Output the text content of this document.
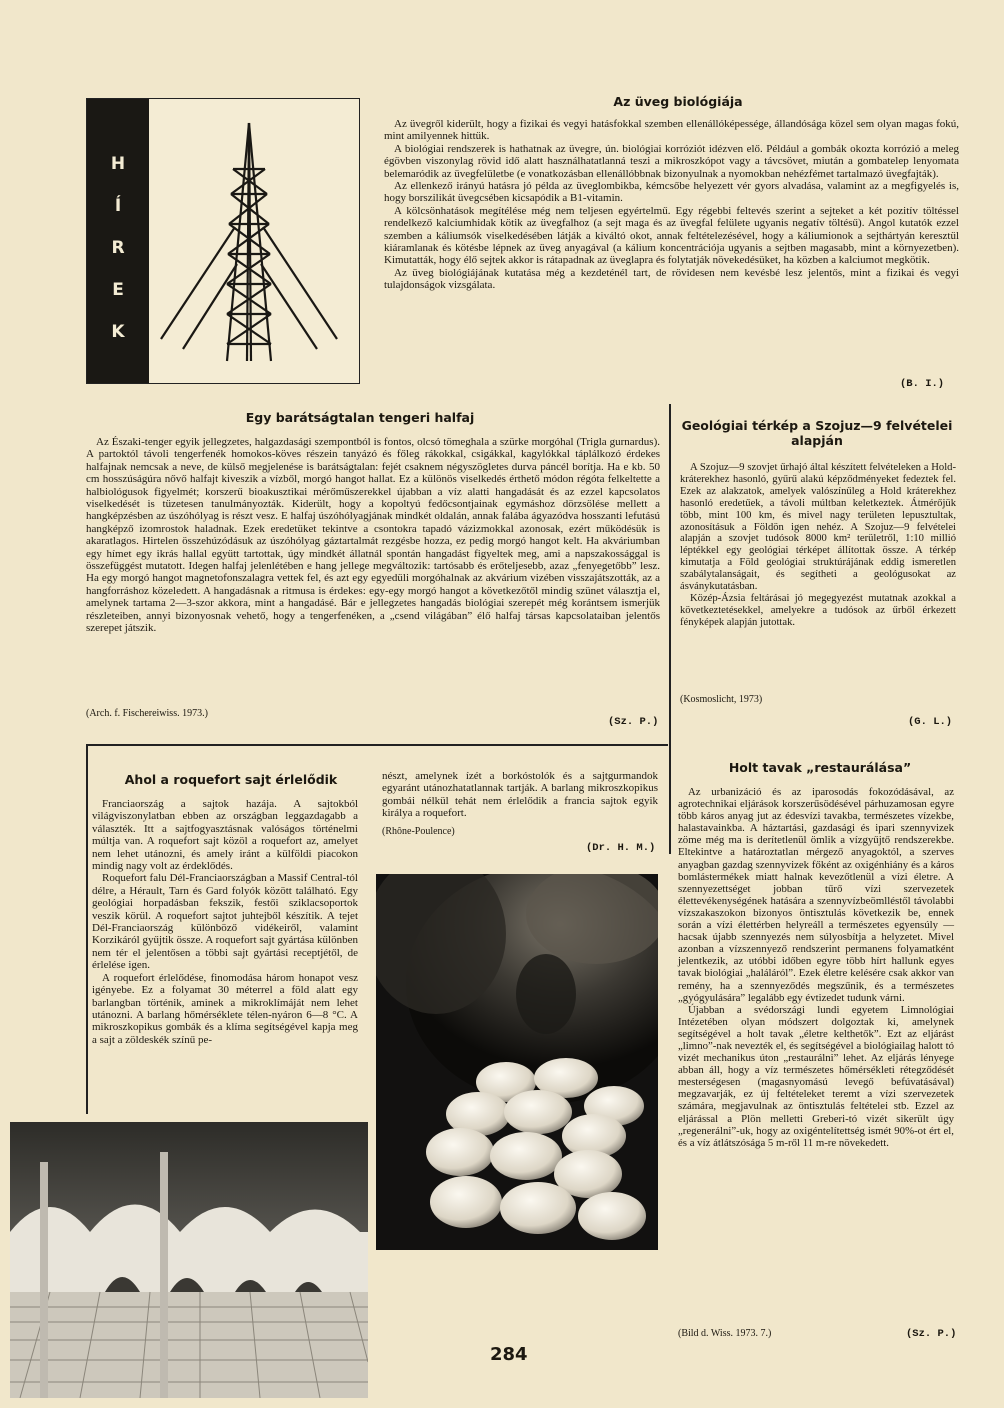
H
Í
R
E
K
Az üveg biológiája

Az üvegről kiderült, hogy a fizikai és vegyi hatásfokkal szemben ellenállóképessége, állandósága közel sem olyan magas fokú, mint amilyennek hittük.

A biológiai rendszerek is hathatnak az üvegre, ún. biológiai korróziót idézven elő. Például a gombák okozta korrózió a meleg égövben viszonylag rövid idő alatt használhatatlanná teszi a mikroszkópot vagy a távcsövet, miután a gombatelep lenyomata belemaródik az üvegfelületbe (e vonatkozásban ellenállóbbnak bizonyulnak a nyomokban nehézfémet tartalmazó üvegfajták).

Az ellenkező irányú hatásra jó példa az üveglombikba, kémcsőbe helyezett vér gyors alvadása, valamint az a megfigyelés is, hogy borszilikát üvegcsében kicsapódik a B1-vitamin.

A kölcsönhatások megítélése még nem teljesen egyértelmű. Egy régebbi feltevés szerint a sejteket a két pozitív töltéssel rendelkező kalciumhidak kötik az üvegfalhoz (a sejt maga és az üvegfal felülete ugyanis negatív töltésű). Angol kutatók ezzel szemben a káliumsók viselkedésében látják a kiváltó okot, annak feltételezésével, hogy a káliumionok a sejthártyán keresztül kiáramlanak és kötésbe lépnek az üveg anyagával (a kálium koncentrációja ugyanis a sejtben magasabb, mint a környezetben). Kimutatták, hogy élő sejtek akkor is rátapadnak az üveglapra és folytatják növekedésüket, ha közben a kalciumot megkötik.

Az üveg biológiájának kutatása még a kezdeténél tart, de rövidesen nem kevésbé lesz jelentős, mint a fizikai és vegyi tulajdonságok vizsgálata.

(B. I.)
Egy barátságtalan tengeri halfaj

Az Északi-tenger egyik jellegzetes, halgazdasági szempontból is fontos, olcsó tömeghala a szürke morgóhal (Trigla gurnardus). A partoktól távoli tengerfenék homokos-köves részein tanyázó és főleg rákokkal, csigákkal, kagylókkal táplálkozó érdekes halfajnak nemcsak a neve, de külső megjelenése is barátságtalan: fejét csaknem négyszögletes durva páncél borítja. Ha e kb. 50 cm hosszúságúra nővő halfajt kiveszik a vízből, morgó hangot hallat. Ez a különös viselkedés érthető módon régóta felkeltette a halbiológusok figyelmét; korszerű bioakusztikai mérőműszerekkel újabban a víz alatti hangadását és az ezzel kapcsolatos viselkedését is tüzetesen tanulmányozták. Kiderült, hogy a kopoltyú fedőcsontjainak egymáshoz dörzsölése mellett a hangképzésben az úszóhólyag is részt vesz. E halfaj úszóhólyagjának mindkét oldalán, annak falába ágyazódva hosszanti lefutású hangképző izomrostok haladnak. Ezek eredetüket tekintve a csontokra tapadó vázizmokkal azonosak, ezért működésük is akaratlagos. Hirtelen összehúzódásuk az úszóhólyag gáztartalmát rezgésbe hozza, ez pedig morgó hangot kelt. Ha akváriumban egy hímet egy ikrás hallal együtt tartottak, úgy mindkét állatnál spontán hangadást figyeltek meg, ami a napszakossággal is összefüggést mutatott. Idegen halfaj jelenlétében e hang jellege megváltozik: tartósabb és erőteljesebb, azaz „fenyegetőbb” lesz. Ha egy morgó hangot magnetofonszalagra vettek fel, és azt egy egyedüli morgóhalnak az akvárium vizében visszajátszották, az a hangforráshoz közeledett. A hangadásnak a ritmusa is érdekes: egy-egy morgó hangot a következőtől mindig szünet választja el, amelynek tartama 2—3-szor akkora, mint a hangadásé. Bár e jellegzetes hangadás biológiai szerepét még korántsem ismerjük részleteiben, annyi bizonyosnak vehető, hogy a tengerfenéken, a „csend világában” élő halfaj társas kapcsolataiban jelentős szerepet játszik.

(Arch. f. Fischereiwiss. 1973.)
(Sz. P.)
Geológiai térkép a Szojuz—9 felvételei alapján

A Szojuz—9 szovjet űrhajó által készített felvételeken a Hold-kráterekhez hasonló, gyűrű alakú képződményeket fedeztek fel. Ezek az alakzatok, amelyek valószínűleg a Hold kráterekhez hasonló eredetűek, a távoli múltban keletkeztek. Átmérőjük több, mint 100 km, és mivel nagy területen lepusztultak, azonosításuk a Földön igen nehéz. A Szojuz—9 felvételei alapján a szovjet tudósok 8000 km² területről, 1:10 millió léptékkel egy geológiai térképet állítottak össze. A térkép kimutatja a Föld geológiai struktúrájának eddig ismeretlen szabálytalanságait, és segítheti a geológusokat az ásványkutatásban.

Közép-Ázsia feltárásai jó megegyezést mutatnak azokkal a következtetésekkel, amelyekre a tudósok az űrből érkezett fényképek alapján jutottak.

(Kosmoslicht, 1973)
(G. L.)
Ahol a roquefort sajt érlelődik

Franciaország a sajtok hazája. A sajtokból világviszonylatban ebben az országban leggazdagabb a választék. Itt a sajtfogyasztásnak valóságos történelmi múltja van. A roquefort sajt közöl a roquefort az, amelyet nem lehet utánozni, és amely iránt a külföldi piacokon mindig nagy volt az érdeklődés.

Roquefort falu Dél-Franciaországban a Massif Central-tól délre, a Hérault, Tarn és Gard folyók között található. Egy geológiai horpadásban fekszik, festői sziklacsoportok veszik körül. A roquefort sajtot juhtejből készítik. A tejet Dél-Franciaország különböző vidékeiről, valamint Korzikáról gyűjtik össze. A roquefort sajt gyártása különben nem tér el jelentősen a többi sajt gyártási receptjétől, de érlelése igen.

A roquefort érlelődése, finomodása három honapot vesz igényebe. Ez a folyamat 30 méterrel a föld alatt egy barlangban történik, aminek a mikroklímáját nem lehet utánozni. A barlang hőmérséklete télen-nyáron 6—8 °C. A mikroszkopikus gombák és a klíma segítségével kapja meg a sajt a zöldeskék színű pe-

nészt, amelynek ízét a borkóstolók és a sajtgurmandok egyaránt utánozhatatlannak tartják. A barlang mikroszkopikus gombái nélkül tehát nem érlelődik a francia sajtok egyik királya a roquefort.

(Rhône-Poulence)
(Dr. H. M.)
Holt tavak „restaurálása”

Az urbanizáció és az iparosodás fokozódásával, az agrotechnikai eljárások korszerűsödésével párhuzamosan egyre több káros anyag jut az édesvízi tavakba, természetes vízekbe, halastavainkba. A háztartási, gazdasági és ipari szennyvizek zöme még ma is derítetlenül ömlik a vízgyűjtő rendszerekbe. Eltekintve a határoztatlan mérgező anyagoktól, a szerves anyagban gazdag szennyvizek főként az oxigénhiány és a káros bomlástermékek miatt halnak kevezőtlenül a vízi életre. A szennyezettséget jobban tűrő vízi szervezetek élettevékenységének hatására a szennyvízbeömlléstől távolabbi vízszakaszokon bizonyos öntisztulás következik be, ennek során a vízi élettérben helyreáll a természetes egyensúly — hacsak újabb szennyezés nem súlyosbítja a helyzetet. Mivel azonban a vízszennyező rendszerint permanens folyamatként jelentkezik, az utóbbi időben egyre több hírt hallunk egyes tavak biológiai „haláláról”. Ezek életre kelésére csak akkor van remény, ha a szennyeződés megszűnik, és a természetes „gyógyulására” legalább egy évtizedet tudunk várni.

Újabban a svédországi lundi egyetem Limnológiai Intézetében olyan módszert dolgoztak ki, amelynek segítségével a holt tavak „életre kelthetők”. Ezt az eljárást „limno”-nak nevezték el, és segítségével a biológiailag halott tó vizét mechanikus úton „restaurálni” lehet. Az eljárás lényege abban áll, hogy a víz természetes hőmérsékleti rétegződését mesterségesen (magasnyomású levegő befúvatásával) megzavarják, ez új feltételeket teremt a vízi szervezetek számára, megjavulnak az öntisztulás feltételei stb. Ezzel az eljárással a Plön melletti Greberi-tó vizét sikerült úgy „regenerálni”-uk, hogy az oxigéntelítettség ismét 90%-ot ért el, és a víz átlátszósága 5 m-ről 11 m-re növekedett.

(Bild d. Wiss. 1973. 7.)	(Sz. P.)
284
